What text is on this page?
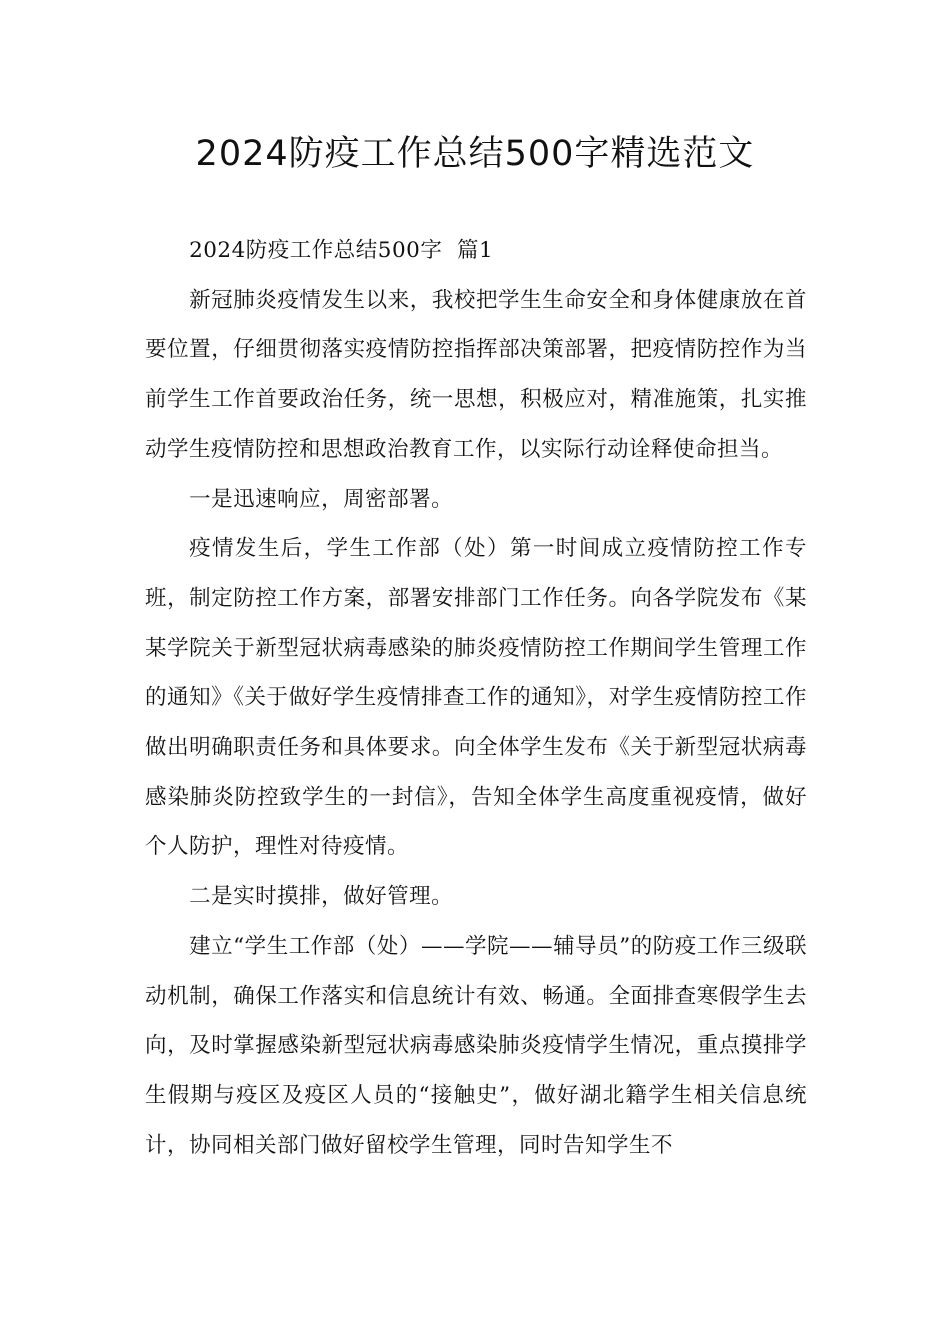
2024防疫工作总结500字精选范文

2024防疫工作总结500字  篇1

新冠肺炎疫情发生以来，我校把学生生命安全和身体健康放在首要位置，仔细贯彻落实疫情防控指挥部决策部署，把疫情防控作为当前学生工作首要政治任务，统一思想，积极应对，精准施策，扎实推动学生疫情防控和思想政治教育工作，以实际行动诠释使命担当。

一是迅速响应，周密部署。

疫情发生后，学生工作部（处）第一时间成立疫情防控工作专班，制定防控工作方案，部署安排部门工作任务。向各学院发布《某某学院关于新型冠状病毒感染的肺炎疫情防控工作期间学生管理工作的通知》《关于做好学生疫情排查工作的通知》，对学生疫情防控工作做出明确职责任务和具体要求。向全体学生发布《关于新型冠状病毒感染肺炎防控致学生的一封信》，告知全体学生高度重视疫情，做好个人防护，理性对待疫情。

二是实时摸排，做好管理。

建立“学生工作部（处）——学院——辅导员”的防疫工作三级联动机制，确保工作落实和信息统计有效、畅通。全面排查寒假学生去向，及时掌握感染新型冠状病毒感染肺炎疫情学生情况，重点摸排学生假期与疫区及疫区人员的“接触史”，做好湖北籍学生相关信息统计，协同相关部门做好留校学生管理，同时告知学生不
